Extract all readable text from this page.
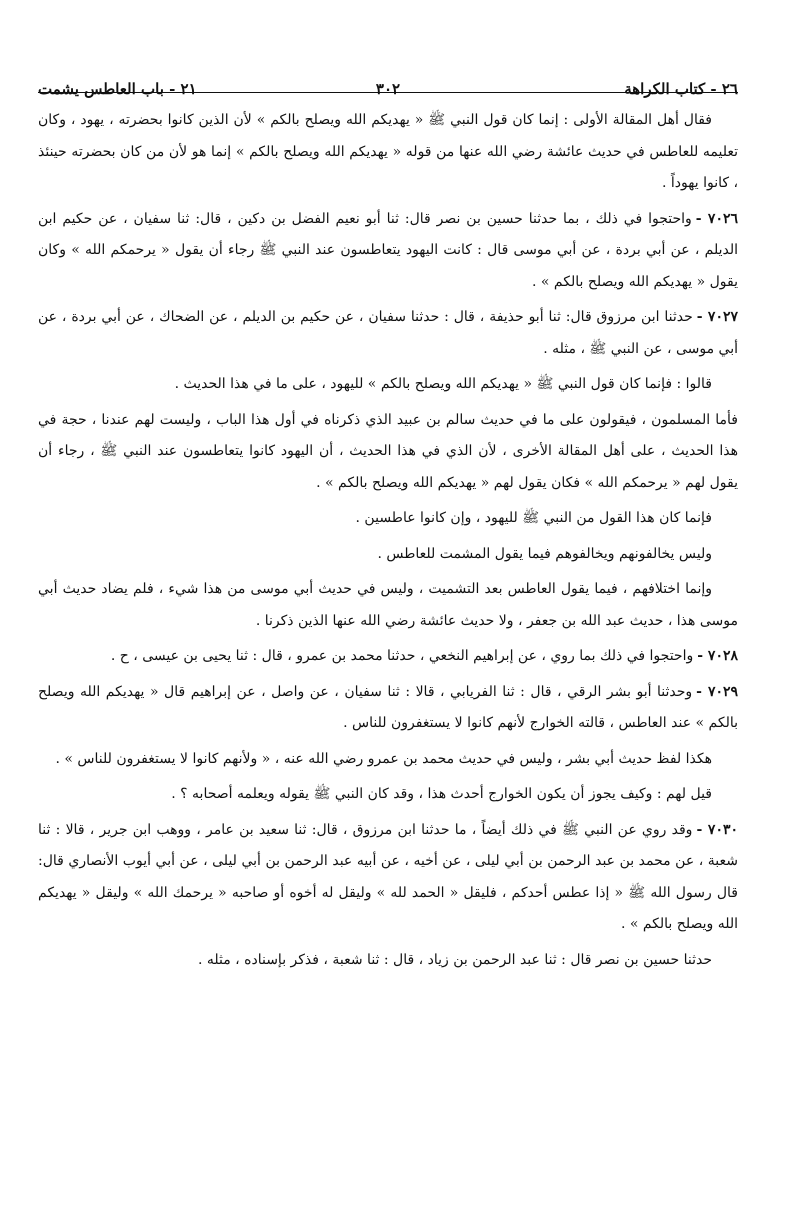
٢٦ - كتاب الكراهة
٣٠٢
٢١ - باب العاطس يشمت

فقال أهل المقالة الأولى : إنما كان قول النبي ﷺ « يهديكم الله ويصلح بالكم » لأن الذين كانوا بحضرته ، يهود ، وكان تعليمه للعاطس في حديث عائشة رضي الله عنها من قوله « يهديكم الله ويصلح بالكم » إنما هو لأن من كان بحضرته حينئذ ، كانوا يهوداً .

٧٠٢٦ -واحتجوا في ذلك ، بما حدثنا حسين بن نصر قال: ثنا أبو نعيم الفضل بن دكين ، قال: ثنا سفيان ، عن حكيم ابن الديلم ، عن أبي بردة ، عن أبي موسى قال : كانت اليهود يتعاطسون عند النبي ﷺ رجاء أن يقول « يرحمكم الله » وكان يقول « يهديكم الله ويصلح بالكم » .

٧٠٢٧ -حدثنا ابن مرزوق قال: ثنا أبو حذيفة ، قال : حدثنا سفيان ، عن حكيم بن الديلم ، عن الضحاك ، عن أبي بردة ، عن أبي موسى ، عن النبي ﷺ ، مثله .

قالوا : فإنما كان قول النبي ﷺ « يهديكم الله ويصلح بالكم » لليهود ، على ما في هذا الحديث .

فأما المسلمون ، فيقولون على ما في حديث سالم بن عبيد الذي ذكرناه في أول هذا الباب ، وليست لهم عندنا ، حجة في هذا الحديث ، على أهل المقالة الأخرى ، لأن الذي في هذا الحديث ، أن اليهود كانوا يتعاطسون عند النبي ﷺ ، رجاء أن يقول لهم « يرحمكم الله » فكان يقول لهم « يهديكم الله ويصلح بالكم » .

فإنما كان هذا القول من النبي ﷺ لليهود ، وإن كانوا عاطسين .

وليس يخالفونهم ويخالفوهم فيما يقول المشمت للعاطس .

وإنما اختلافهم ، فيما يقول العاطس بعد التشميت ، وليس في حديث أبي موسى من هذا شيء ، فلم يضاد حديث أبي موسى هذا ، حديث عبد الله بن جعفر ، ولا حديث عائشة رضي الله عنها الذين ذكرنا .

٧٠٢٨ -واحتجوا في ذلك بما روي ، عن إبراهيم النخعي ، حدثنا محمد بن عمرو ، قال : ثنا يحيى بن عيسى ، ح .

٧٠٢٩ -وحدثنا أبو بشر الرقي ، قال : ثنا الفريابي ، قالا : ثنا سفيان ، عن واصل ، عن إبراهيم قال « يهديكم الله ويصلح بالكم » عند العاطس ، قالته الخوارج لأنهم كانوا لا يستغفرون للناس .

هكذا لفظ حديث أبي بشر ، وليس في حديث محمد بن عمرو رضي الله عنه ، « ولأنهم كانوا لا يستغفرون للناس » .

قيل لهم : وكيف يجوز أن يكون الخوارج أحدث هذا ، وقد كان النبي ﷺ يقوله ويعلمه أصحابه ؟ .

٧٠٣٠ -وقد روي عن النبي ﷺ في ذلك أيضاً ، ما حدثنا ابن مرزوق ، قال: ثنا سعيد بن عامر ، ووهب ابن جرير ، قالا : ثنا شعبة ، عن محمد بن عبد الرحمن بن أبي ليلى ، عن أخيه ، عن أبيه عبد الرحمن بن أبي ليلى ، عن أبي أيوب الأنصاري قال: قال رسول الله ﷺ « إذا عطس أحدكم ، فليقل « الحمد لله » وليقل له أخوه أو صاحبه « يرحمك الله » وليقل « يهديكم الله ويصلح بالكم » .

حدثنا حسين بن نصر قال : ثنا عبد الرحمن بن زياد ، قال : ثنا شعبة ، فذكر بإسناده ، مثله .
